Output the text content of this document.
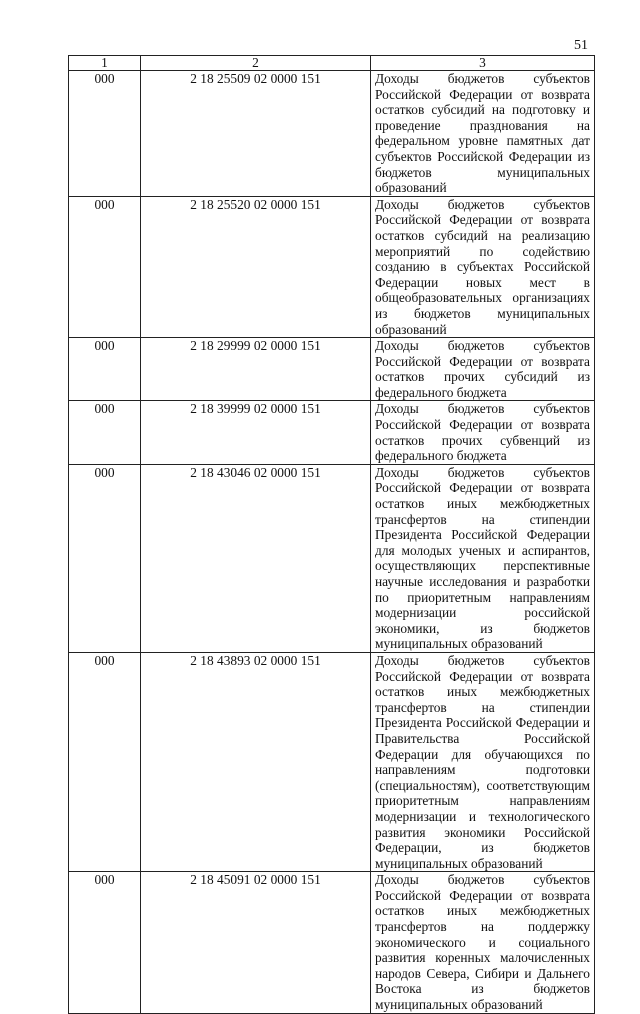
51
1	2	3
000	2 18 25509 02 0000 151	Доходы бюджетов субъектов Российской Федерации от возврата остатков субсидий на подготовку и проведение празднования на федеральном уровне памятных дат субъектов Российской Федерации из бюджетов муниципальных образований
000	2 18 25520 02 0000 151	Доходы бюджетов субъектов Российской Федерации от возврата остатков субсидий на реализацию мероприятий по содействию созданию в субъектах Российской Федерации новых мест в общеобразовательных организациях из бюджетов муниципальных образований
000	2 18 29999 02 0000 151	Доходы бюджетов субъектов Российской Федерации от возврата остатков прочих субсидий из федерального бюджета
000	2 18 39999 02 0000 151	Доходы бюджетов субъектов Российской Федерации от возврата остатков прочих субвенций из федерального бюджета
000	2 18 43046 02 0000 151	Доходы бюджетов субъектов Российской Федерации от возврата остатков иных межбюджетных трансфертов на стипендии Президента Российской Федерации для молодых ученых и аспирантов, осуществляющих перспективные научные исследования и разработки по приоритетным направлениям модернизации российской экономики, из бюджетов муниципальных образований
000	2 18 43893 02 0000 151	Доходы бюджетов субъектов Российской Федерации от возврата остатков иных межбюджетных трансфертов на стипендии Президента Российской Федерации и Правительства Российской Федерации для обучающихся по направлениям подготовки (специальностям), соответствующим приоритетным направлениям модернизации и технологического развития экономики Российской Федерации, из бюджетов муниципальных образований
000	2 18 45091 02 0000 151	Доходы бюджетов субъектов Российской Федерации от возврата остатков иных межбюджетных трансфертов на поддержку экономического и социального развития коренных малочисленных народов Севера, Сибири и Дальнего Востока из бюджетов муниципальных образований
